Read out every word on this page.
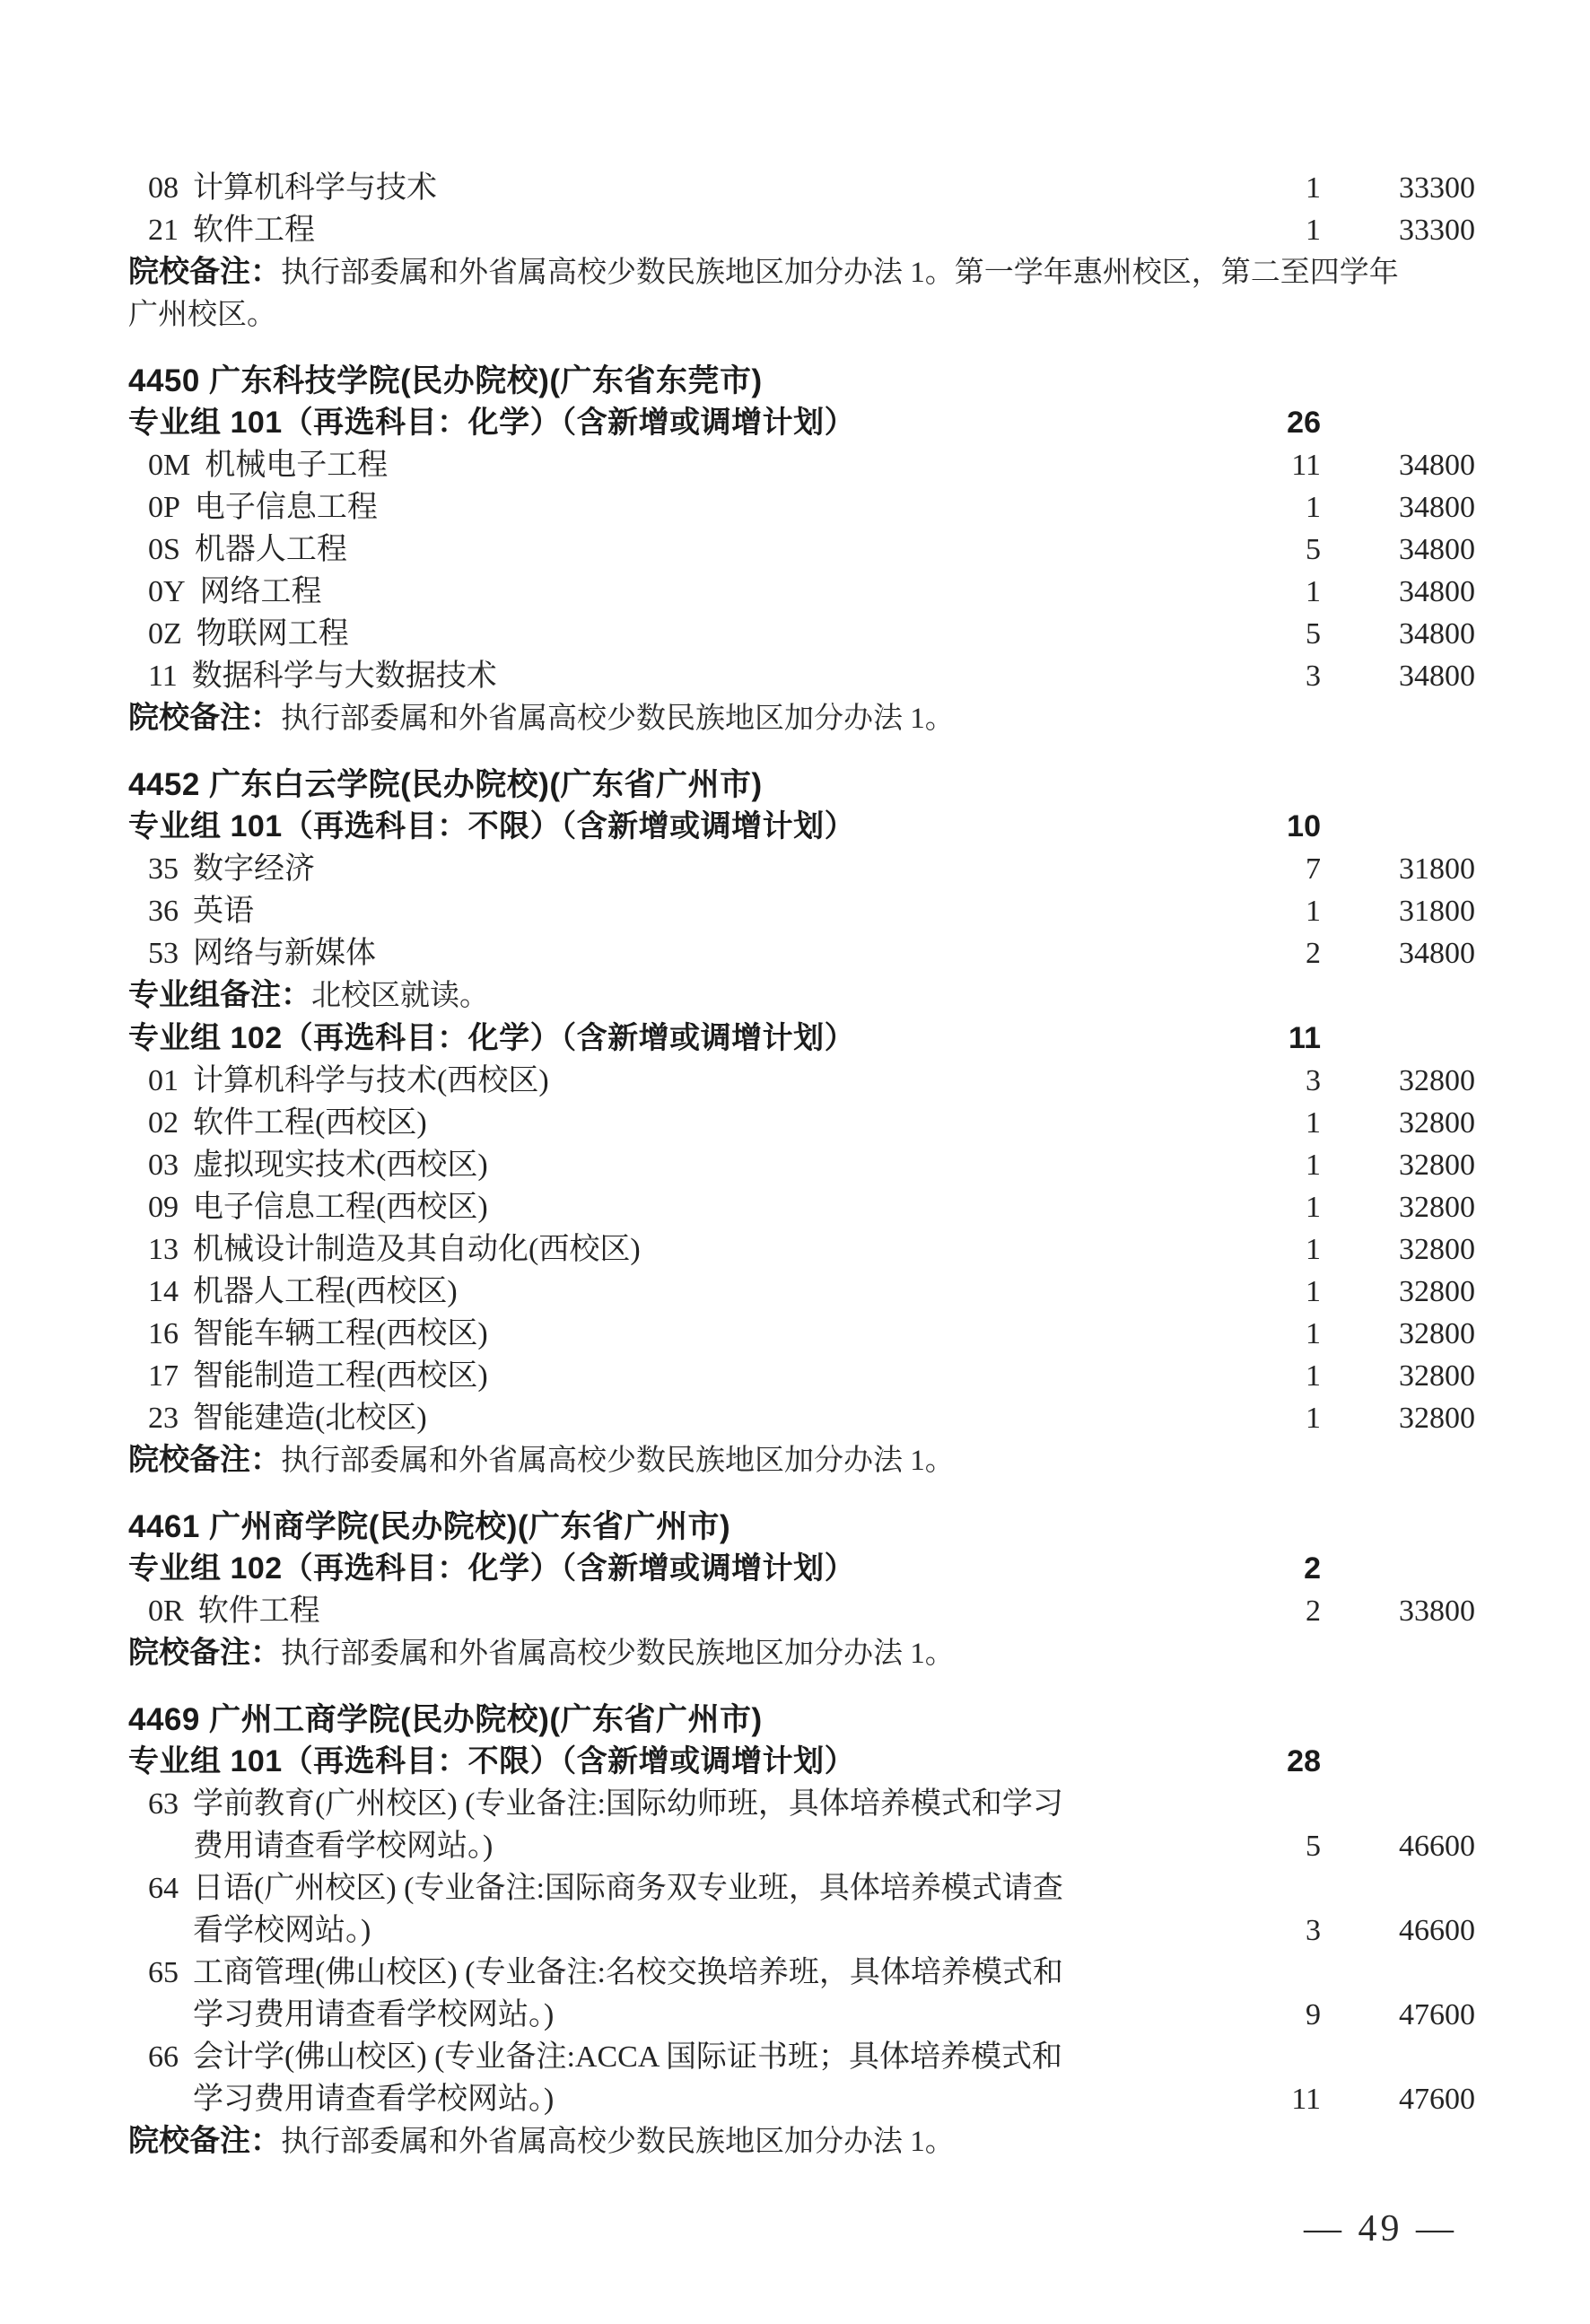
08 计算机科学与技术	1	33300
21 软件工程	1	33300
院校备注：执行部委属和外省属高校少数民族地区加分办法 1。第一学年惠州校区，第二至四学年广州校区。
4450 广东科技学院(民办院校)(广东省东莞市)
专业组 101（再选科目：化学）（含新增或调增计划）	26
0M 机械电子工程	11	34800
0P 电子信息工程	1	34800
0S 机器人工程	5	34800
0Y 网络工程	1	34800
0Z 物联网工程	5	34800
11 数据科学与大数据技术	3	34800
院校备注：执行部委属和外省属高校少数民族地区加分办法 1。
4452 广东白云学院(民办院校)(广东省广州市)
专业组 101（再选科目：不限）（含新增或调增计划）	10
35 数字经济	7	31800
36 英语	1	31800
53 网络与新媒体	2	34800
专业组备注：北校区就读。
专业组 102（再选科目：化学）（含新增或调增计划）	11
01 计算机科学与技术(西校区)	3	32800
02 软件工程(西校区)	1	32800
03 虚拟现实技术(西校区)	1	32800
09 电子信息工程(西校区)	1	32800
13 机械设计制造及其自动化(西校区)	1	32800
14 机器人工程(西校区)	1	32800
16 智能车辆工程(西校区)	1	32800
17 智能制造工程(西校区)	1	32800
23 智能建造(北校区)	1	32800
院校备注：执行部委属和外省属高校少数民族地区加分办法 1。
4461 广州商学院(民办院校)(广东省广州市)
专业组 102（再选科目：化学）（含新增或调增计划）	2
0R 软件工程	2	33800
院校备注：执行部委属和外省属高校少数民族地区加分办法 1。
4469 广州工商学院(民办院校)(广东省广州市)
专业组 101（再选科目：不限）（含新增或调增计划）	28
63 学前教育(广州校区) (专业备注:国际幼师班，具体培养模式和学习费用请查看学校网站。)	5	46600
64 日语(广州校区) (专业备注:国际商务双专业班，具体培养模式请查看学校网站。)	3	46600
65 工商管理(佛山校区) (专业备注:名校交换培养班，具体培养模式和学习费用请查看学校网站。)	9	47600
66 会计学(佛山校区) (专业备注:ACCA 国际证书班；具体培养模式和学习费用请查看学校网站。)	11	47600
院校备注：执行部委属和外省属高校少数民族地区加分办法 1。
— 49 —
